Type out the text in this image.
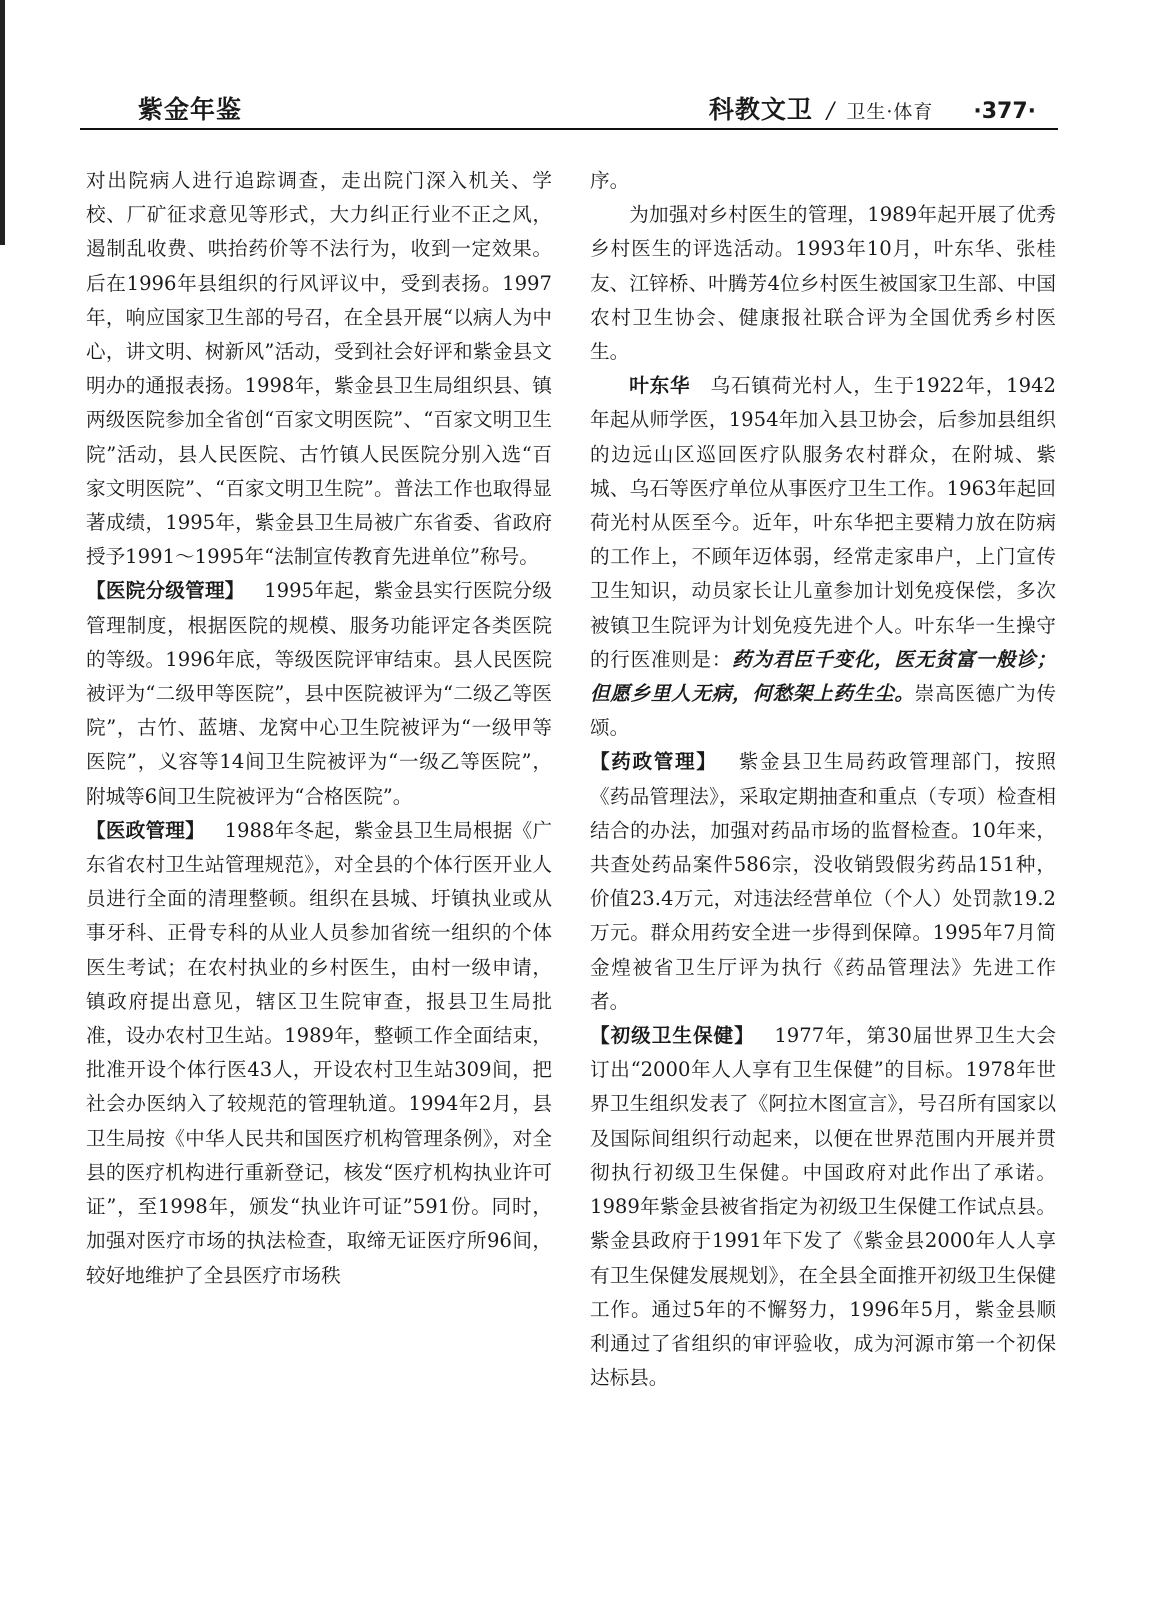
紫金年鉴	科教文卫 / 卫生·体育 ·377·

对出院病人进行追踪调查，走出院门深入机关、学校、厂矿征求意见等形式，大力纠正行业不正之风，遏制乱收费、哄抬药价等不法行为，收到一定效果。后在1996年县组织的行风评议中，受到表扬。1997年，响应国家卫生部的号召，在全县开展“以病人为中心，讲文明、树新风”活动，受到社会好评和紫金县文明办的通报表扬。1998年，紫金县卫生局组织县、镇两级医院参加全省创“百家文明医院”、“百家文明卫生院”活动，县人民医院、古竹镇人民医院分别入选“百家文明医院”、“百家文明卫生院”。普法工作也取得显著成绩，1995年，紫金县卫生局被广东省委、省政府授予1991～1995年“法制宣传教育先进单位”称号。

【医院分级管理】  1995年起，紫金县实行医院分级管理制度，根据医院的规模、服务功能评定各类医院的等级。1996年底，等级医院评审结束。县人民医院被评为“二级甲等医院”，县中医院被评为“二级乙等医院”，古竹、蓝塘、龙窝中心卫生院被评为“一级甲等医院”，义容等14间卫生院被评为“一级乙等医院”，附城等6间卫生院被评为“合格医院”。

【医政管理】  1988年冬起，紫金县卫生局根据《广东省农村卫生站管理规范》，对全县的个体行医开业人员进行全面的清理整顿。组织在县城、圩镇执业或从事牙科、正骨专科的从业人员参加省统一组织的个体医生考试；在农村执业的乡村医生，由村一级申请，镇政府提出意见，辖区卫生院审查，报县卫生局批准，设办农村卫生站。1989年，整顿工作全面结束，批准开设个体行医43人，开设农村卫生站309间，把社会办医纳入了较规范的管理轨道。1994年2月，县卫生局按《中华人民共和国医疗机构管理条例》，对全县的医疗机构进行重新登记，核发“医疗机构执业许可证”，至1998年，颁发“执业许可证”591份。同时，加强对医疗市场的执法检查，取缔无证医疗所96间，较好地维护了全县医疗市场秩

序。

为加强对乡村医生的管理，1989年起开展了优秀乡村医生的评选活动。1993年10月，叶东华、张桂友、江锌桥、叶腾芳4位乡村医生被国家卫生部、中国农村卫生协会、健康报社联合评为全国优秀乡村医生。

叶东华 乌石镇荷光村人，生于1922年，1942年起从师学医，1954年加入县卫协会，后参加县组织的边远山区巡回医疗队服务农村群众，在附城、紫城、乌石等医疗单位从事医疗卫生工作。1963年起回荷光村从医至今。近年，叶东华把主要精力放在防病的工作上，不顾年迈体弱，经常走家串户，上门宣传卫生知识，动员家长让儿童参加计划免疫保偿，多次被镇卫生院评为计划免疫先进个人。叶东华一生操守的行医准则是：药为君臣千变化，医无贫富一般诊；但愿乡里人无病，何愁架上药生尘。崇高医德广为传颂。

【药政管理】  紫金县卫生局药政管理部门，按照《药品管理法》，采取定期抽查和重点（专项）检查相结合的办法，加强对药品市场的监督检查。10年来，共查处药品案件586宗，没收销毁假劣药品151种，价值23.4万元，对违法经营单位（个人）处罚款19.2万元。群众用药安全进一步得到保障。1995年7月简金煌被省卫生厅评为执行《药品管理法》先进工作者。

【初级卫生保健】  1977年，第30届世界卫生大会订出“2000年人人享有卫生保健”的目标。1978年世界卫生组织发表了《阿拉木图宣言》，号召所有国家以及国际间组织行动起来，以便在世界范围内开展并贯彻执行初级卫生保健。中国政府对此作出了承诺。1989年紫金县被省指定为初级卫生保健工作试点县。紫金县政府于1991年下发了《紫金县2000年人人享有卫生保健发展规划》，在全县全面推开初级卫生保健工作。通过5年的不懈努力，1996年5月，紫金县顺利通过了省组织的审评验收，成为河源市第一个初保达标县。
